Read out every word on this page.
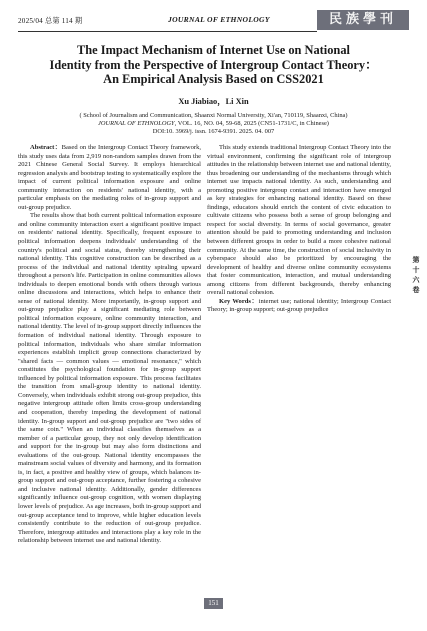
2025/04 总第 114 期	JOURNAL OF ETHNOLOGY	民族學刊
The Impact Mechanism of Internet Use on National
Identity from the Perspective of Intergroup Contact Theory：
An Empirical Analysis Based on CSS2021
Xu Jiabiao，Li Xin
( School of Journalism and Communication, Shaanxi Normal University, Xi'an, 710119, Shaanxi, China)
JOURNAL OF ETHNOLOGY, VOL. 16, NO. 04, 59-68, 2025 (CN51-1731/C, in Chinese)
DOI:10. 3969/j. issn. 1674-9391. 2025. 04. 007

Abstract：Based on the Intergroup Contact Theory framework, this study uses data from 2,919 non-random samples drawn from the 2021 Chinese General Social Survey. It employs hierarchical regression analysis and bootstrap testing to systematically explore the impact of current political information exposure and online community interaction on residents' national identity, with a particular emphasis on the mediating roles of in-group support and out-group prejudice.

The results show that both current political information exposure and online community interaction exert a significant positive impact on residents' national identity. Specifically, frequent exposure to political information deepens individuals' understanding of the country's political and social status, thereby strengthening their national identity. This cognitive construction can be described as a process of the individual and national identity spiraling upward throughout a person's life. Participation in online communities allows individuals to deepen emotional bonds with others through various online discussions and interactions, which helps to enhance their sense of national identity. More importantly, in-group support and out-group prejudice play a significant mediating role between political information exposure, online community interaction, and national identity. The level of in-group support directly influences the formation of individual national identity. Through exposure to political information, individuals who share similar information experiences establish implicit group connections characterized by "shared facts — common values — emotional resonance," which constitutes the psychological foundation for in-group support influenced by political information exposure. This process facilitates the transition from small-group identity to national identity. Conversely, when individuals exhibit strong out-group prejudice, this negative intergroup attitude often limits cross-group understanding and cooperation, thereby impeding the development of national identity. In-group support and out-group prejudice are "two sides of the same coin." When an individual classifies themselves as a member of a particular group, they not only develop identification and support for the in-group but may also form distinctions and evaluations of the out-group. National identity encompasses the mainstream social values of diversity and harmony, and its formation is, in fact, a positive and healthy view of groups, which balances in-group support and out-group acceptance, further fostering a cohesive and inclusive national identity. Additionally, gender differences significantly influence out-group cognition, with women displaying lower levels of prejudice. As age increases, both in-group support and out-group acceptance tend to improve, while higher education levels consistently contribute to the reduction of out-group prejudice. Therefore, intergroup attitudes and interactions play a key role in the relationship between internet use and national identity.

This study extends traditional Intergroup Contact Theory into the virtual environment, confirming the significant role of intergroup attitudes in the relationship between internet use and national identity, thus broadening our understanding of the mechanisms through which internet use impacts national identity. As such, understanding and promoting positive intergroup contact and interaction have emerged as key strategies for enhancing national identity. Based on these findings, educators should enrich the content of civic education to cultivate citizens who possess both a sense of group belonging and respect for social diversity. In terms of social governance, greater attention should be paid to promoting understanding and inclusion between different groups in order to build a more cohesive national community. At the same time, the construction of social inclusivity in cyberspace should also be prioritized by encouraging the development of healthy and diverse online community ecosystems that foster communication, interaction, and mutual understanding among citizens from different backgrounds, thereby enhancing overall national cohesion.

Key Words：internet use; national identity; Intergroup Contact Theory; in-group support; out-group prejudice

第
十
六
卷
151
